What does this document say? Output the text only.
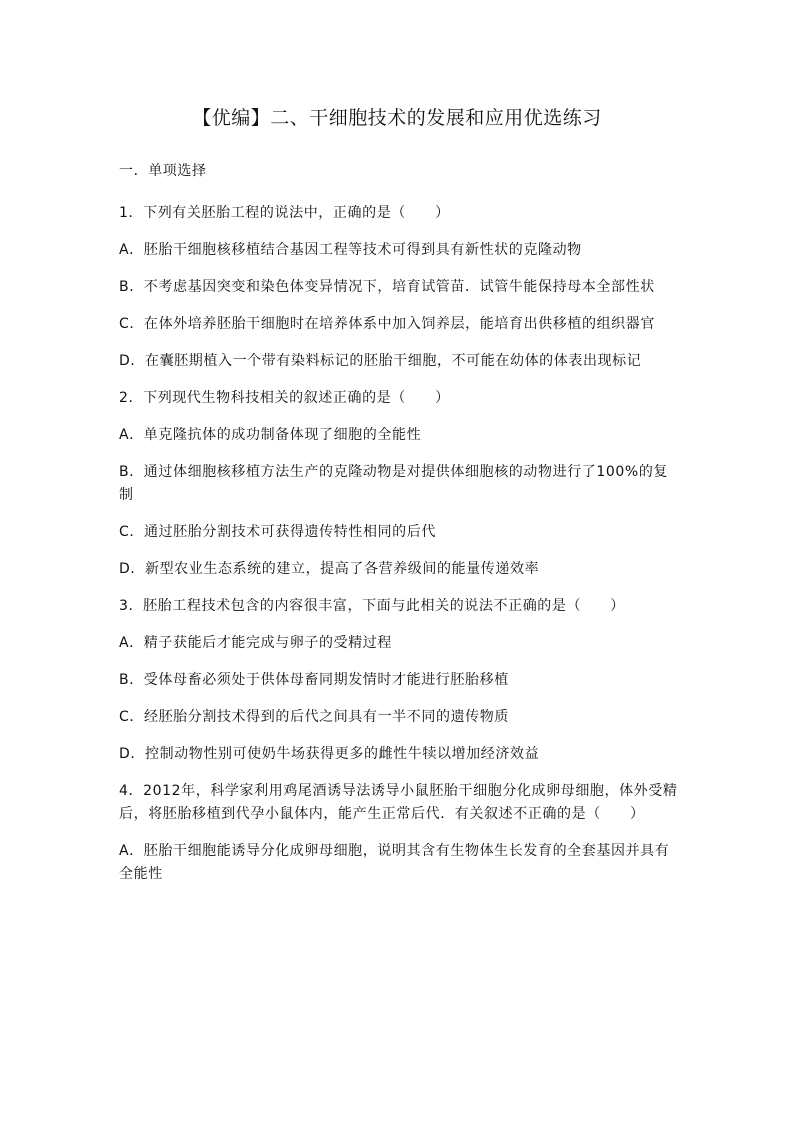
【优编】二、干细胞技术的发展和应用优选练习
一．单项选择
1．下列有关胚胎工程的说法中，正确的是（　　）
A．胚胎干细胞核移植结合基因工程等技术可得到具有新性状的克隆动物
B．不考虑基因突变和染色体变异情况下，培育试管苗．试管牛能保持母本全部性状
C．在体外培养胚胎干细胞时在培养体系中加入饲养层，能培育出供移植的组织器官
D．在囊胚期植入一个带有染料标记的胚胎干细胞，不可能在幼体的体表出现标记
2．下列现代生物科技相关的叙述正确的是（　　）
A．单克隆抗体的成功制备体现了细胞的全能性
B．通过体细胞核移植方法生产的克隆动物是对提供体细胞核的动物进行了100%的复制
C．通过胚胎分割技术可获得遗传特性相同的后代
D．新型农业生态系统的建立，提高了各营养级间的能量传递效率
3．胚胎工程技术包含的内容很丰富，下面与此相关的说法不正确的是（　　）
A．精子获能后才能完成与卵子的受精过程
B．受体母畜必须处于供体母畜同期发情时才能进行胚胎移植
C．经胚胎分割技术得到的后代之间具有一半不同的遗传物质
D．控制动物性别可使奶牛场获得更多的雌性牛犊以增加经济效益
4．2012年，科学家利用鸡尾酒诱导法诱导小鼠胚胎干细胞分化成卵母细胞，体外受精后，将胚胎移植到代孕小鼠体内，能产生正常后代．有关叙述不正确的是（　　）
A．胚胎干细胞能诱导分化成卵母细胞，说明其含有生物体生长发育的全套基因并具有全能性
